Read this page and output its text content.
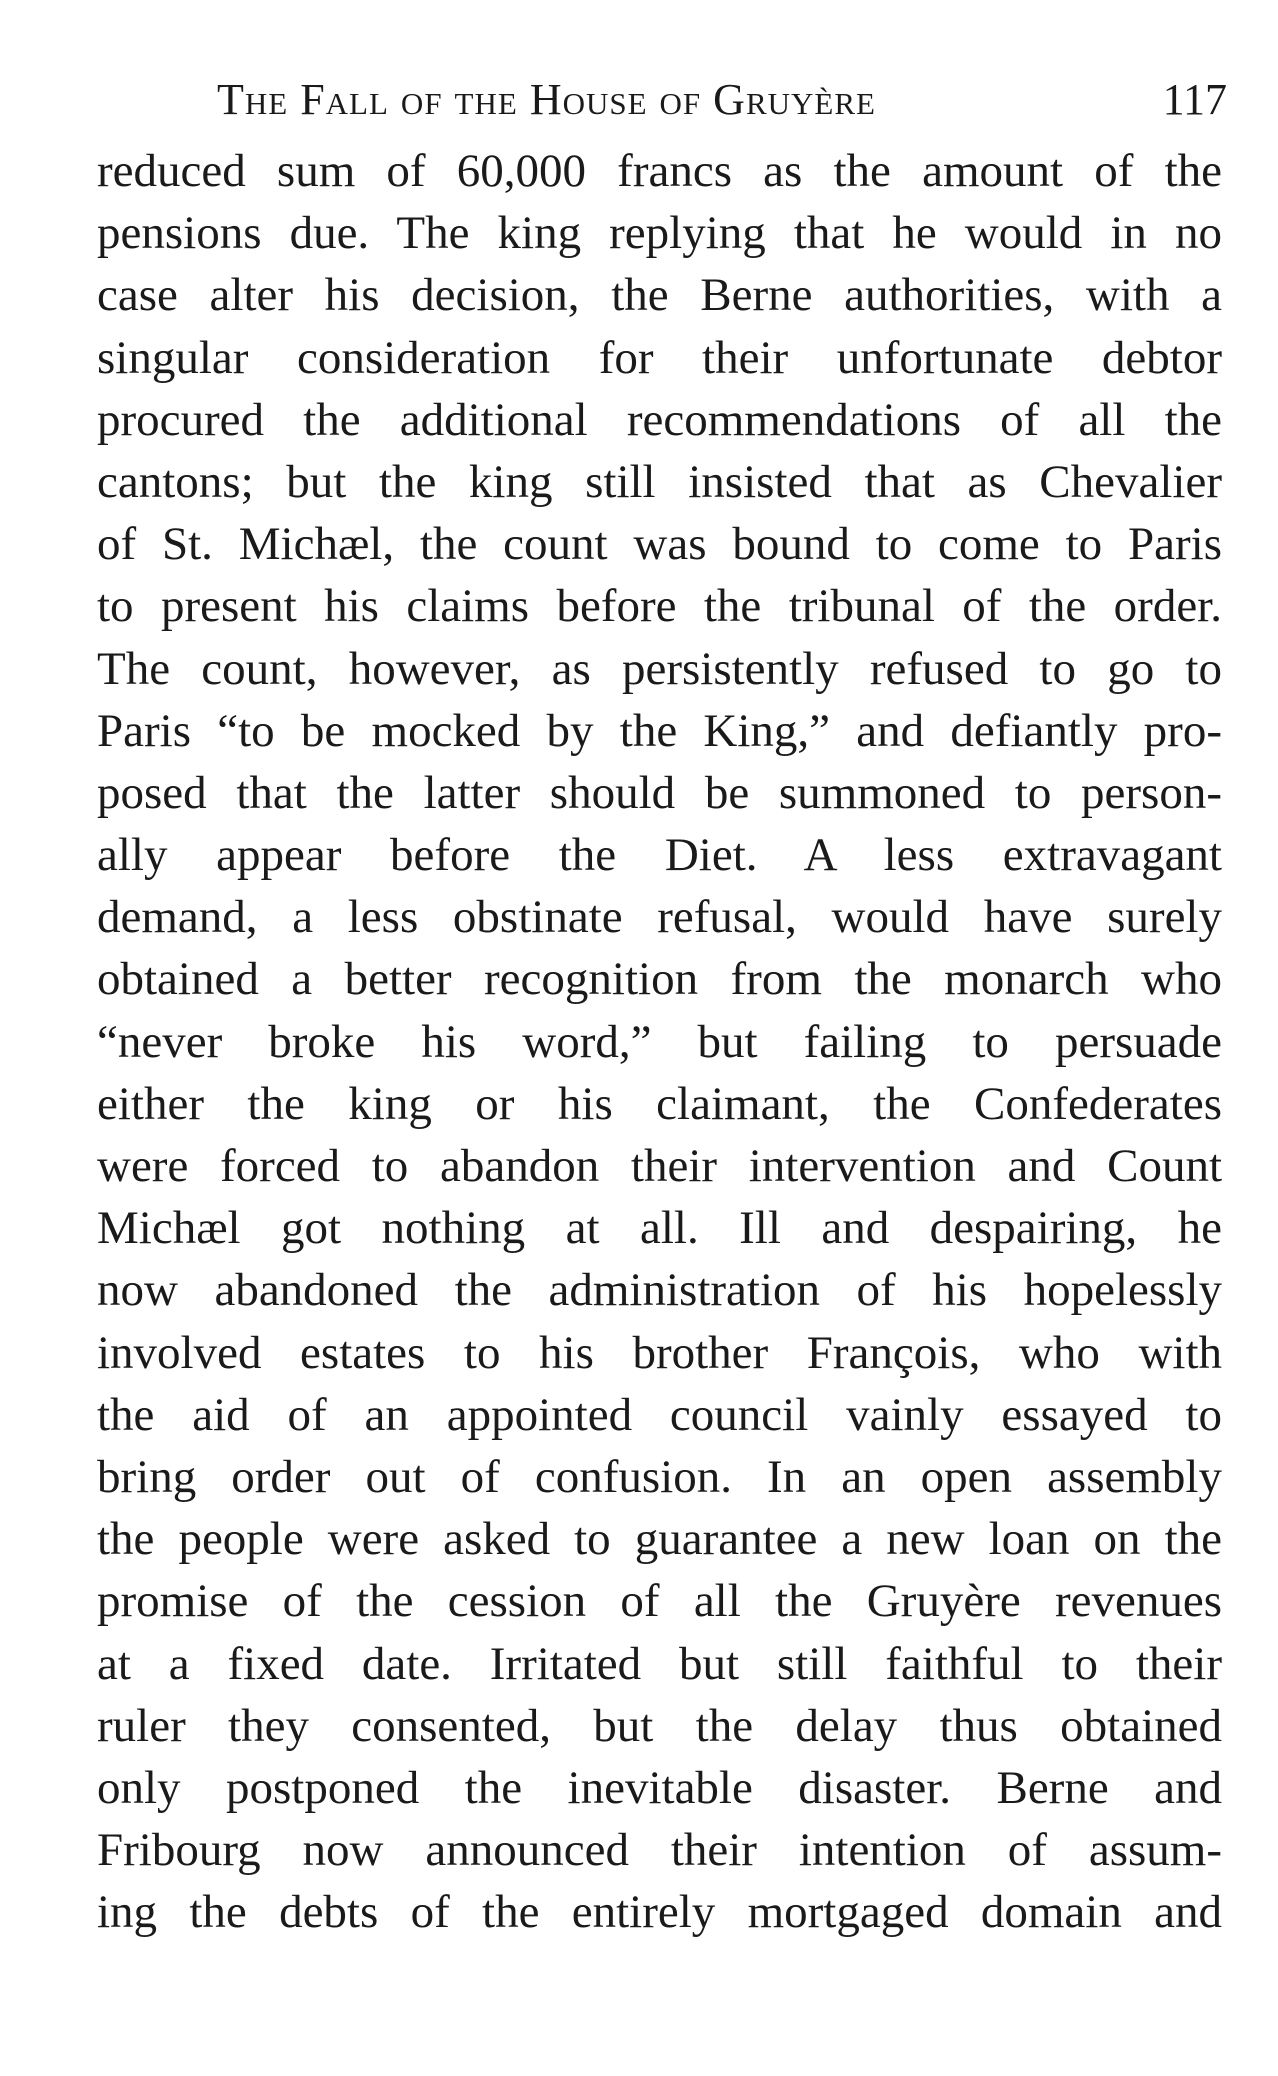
The Fall of the House of Gruyère	117
reduced sum of 60,000 francs as the amount of the
pensions due. The king replying that he would in no
case alter his decision, the Berne authorities, with a
singular consideration for their unfortunate debtor
procured the additional recommendations of all the
cantons; but the king still insisted that as Chevalier
of St. Michæl, the count was bound to come to Paris
to present his claims before the tribunal of the order.
The count, however, as persistently refused to go to
Paris “to be mocked by the King,” and defiantly pro-
posed that the latter should be summoned to person-
ally appear before the Diet. A less extravagant
demand, a less obstinate refusal, would have surely
obtained a better recognition from the monarch who
“never broke his word,” but failing to persuade
either the king or his claimant, the Confederates
were forced to abandon their intervention and Count
Michæl got nothing at all. Ill and despairing, he
now abandoned the administration of his hopelessly
involved estates to his brother François, who with
the aid of an appointed council vainly essayed to
bring order out of confusion. In an open assembly
the people were asked to guarantee a new loan on the
promise of the cession of all the Gruyère revenues
at a fixed date. Irritated but still faithful to their
ruler they consented, but the delay thus obtained
only postponed the inevitable disaster. Berne and
Fribourg now announced their intention of assum-
ing the debts of the entirely mortgaged domain and
